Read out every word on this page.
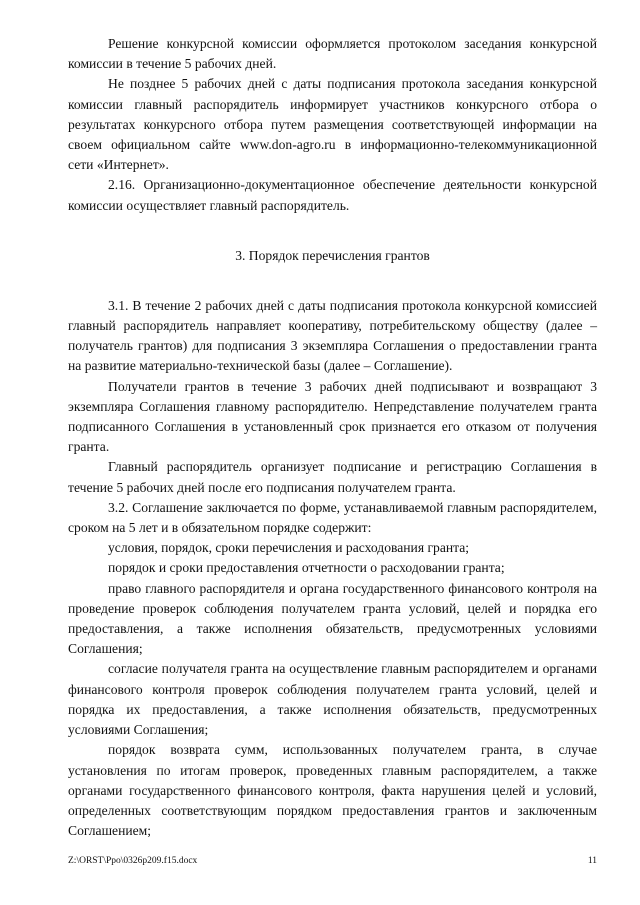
Решение конкурсной комиссии оформляется протоколом заседания конкурсной комиссии в течение 5 рабочих дней.

Не позднее 5 рабочих дней с даты подписания протокола заседания конкурсной комиссии главный распорядитель информирует участников конкурсного отбора о результатах конкурсного отбора путем размещения соответствующей информации на своем официальном сайте www.don-agro.ru в информационно-телекоммуникационной сети «Интернет».

2.16. Организационно-документационное обеспечение деятельности конкурсной комиссии осуществляет главный распорядитель.

3. Порядок перечисления грантов

3.1. В течение 2 рабочих дней с даты подписания протокола конкурсной комиссией главный распорядитель направляет кооперативу, потребительскому обществу (далее – получатель грантов) для подписания 3 экземпляра Соглашения о предоставлении гранта на развитие материально-технической базы (далее – Соглашение).

Получатели грантов в течение 3 рабочих дней подписывают и возвращают 3 экземпляра Соглашения главному распорядителю. Непредставление получателем гранта подписанного Соглашения в установленный срок признается его отказом от получения гранта.

Главный распорядитель организует подписание и регистрацию Соглашения в течение 5 рабочих дней после его подписания получателем гранта.

3.2. Соглашение заключается по форме, устанавливаемой главным распорядителем, сроком на 5 лет и в обязательном порядке содержит:

условия, порядок, сроки перечисления и расходования гранта;

порядок и сроки предоставления отчетности о расходовании гранта;

право главного распорядителя и органа государственного финансового контроля на проведение проверок соблюдения получателем гранта условий, целей и порядка его предоставления, а также исполнения обязательств, предусмотренных условиями Соглашения;

согласие получателя гранта на осуществление главным распорядителем и органами финансового контроля проверок соблюдения получателем гранта условий, целей и порядка их предоставления, а также исполнения обязательств, предусмотренных условиями Соглашения;

порядок возврата сумм, использованных получателем гранта, в случае установления по итогам проверок, проведенных главным распорядителем, а также органами государственного финансового контроля, факта нарушения целей и условий, определенных соответствующим порядком предоставления грантов и заключенным Соглашением;

Z:\ORST\Ppo\0326p209.f15.docx	11
